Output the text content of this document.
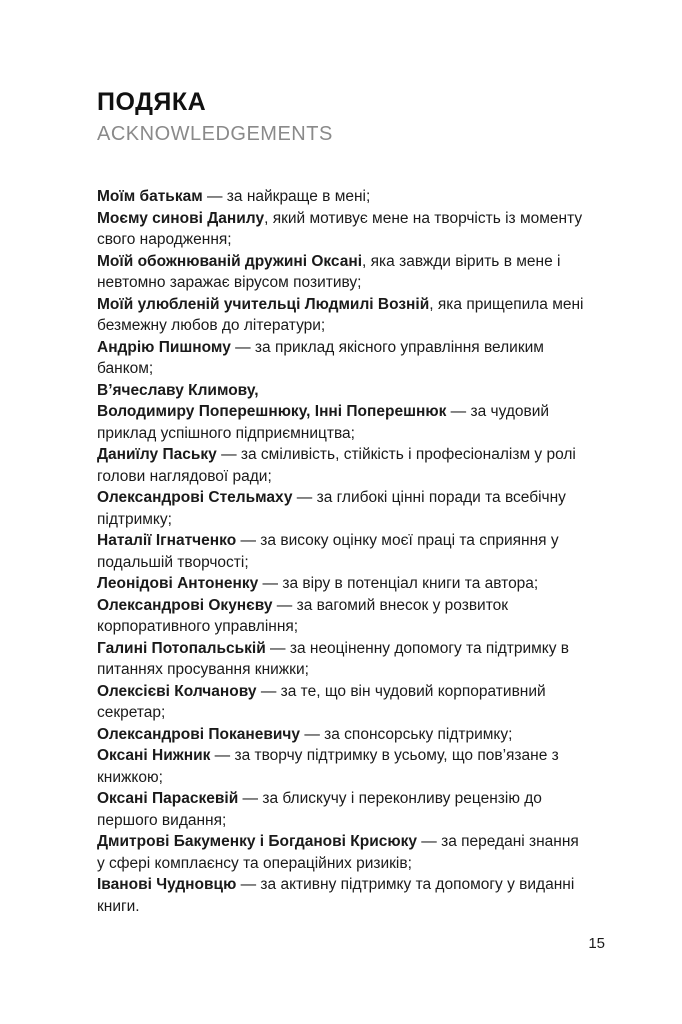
ПОДЯКА
ACKNOWLEDGEMENTS

Моїм батькам — за найкраще в мені;

Моєму синові Данилу, який мотивує мене на творчість із моменту свого народження;

Моїй обожнюваній дружині Оксані, яка завжди вірить в мене і невтомно заражає вірусом позитиву;

Моїй улюбленій учительці Людмилі Возній, яка прищепила мені безмежну любов до літератури;

Андрію Пишному — за приклад якісного управління великим банком;

В’ячеславу Климову,

Володимиру Поперешнюку, Інні Поперешнюк — за чудовий приклад успішного підприємництва;

Даниїлу Паську — за сміливість, стійкість і професіоналізм у ролі голови наглядової ради;

Олександрові Стельмаху — за глибокі цінні поради та всебічну підтримку;

Наталії Ігнатченко — за високу оцінку моєї праці та сприяння у подальшій творчості;

Леонідові Антоненку — за віру в потенціал книги та автора;

Олександрові Окунєву — за вагомий внесок у розвиток корпоративного управління;

Галині Потопальській — за неоціненну допомогу та підтримку в питаннях просування книжки;

Олексієві Колчанову — за те, що він чудовий корпоративний секретар;

Олександрові Поканевичу — за спонсорську підтримку;

Оксані Нижник — за творчу підтримку в усьому, що пов’язане з книжкою;

Оксані Параскевій — за блискучу і переконливу рецензію до першого видання;

Дмитрові Бакуменку і Богданові Крисюку — за передані знання у сфері комплаєнсу та операційних ризиків;

Іванові Чудновцю — за активну підтримку та допомогу у виданні книги.

15
